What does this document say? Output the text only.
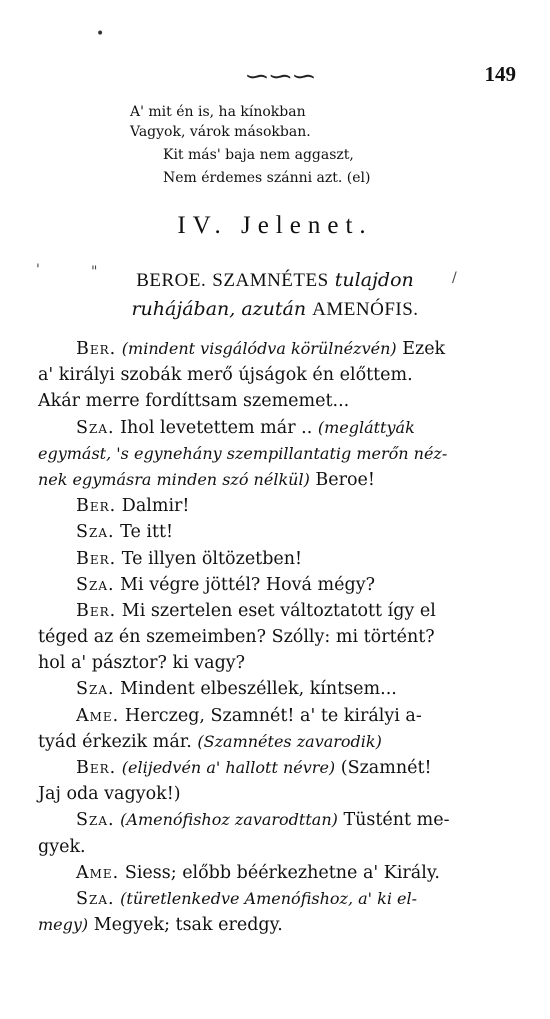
•
∽∽∽	149
A' mit én is, ha kínokban
Vagyok, várok másokban.
Kit más' baja nem aggaszt,
Nem érdemes szánni azt. (el)
IV. Jelenet.
'	"	/
BEROE. SZAMNÉTES tulajdon
ruhájában, azután AMENÓFIS.
Ber. (mindent visgálódva körülnézvén) Ezek
a' királyi szobák merő újságok én előttem.
Akár merre fordíttsam szememet...
Sza. Ihol levetettem már .. (megláttyák
egymást, 's egynehány szempillantatig merőn néz-
nek egymásra minden szó nélkül) Beroe!
Ber. Dalmir!
Sza. Te itt!
Ber. Te illyen öltözetben!
Sza. Mi végre jöttél? Hová mégy?
Ber. Mi szertelen eset változtatott így el
téged az én szemeimben? Szólly: mi történt?
hol a' pásztor? ki vagy?
Sza. Mindent elbeszéllek, kíntsem...
Ame. Herczeg, Szamnét! a' te királyi a-
tyád érkezik már. (Szamnétes zavarodik)
Ber. (elijedvén a' hallott névre) (Szamnét!
Jaj oda vagyok!)
Sza. (Amenófishoz zavarodttan) Tüstént me-
gyek.
Ame. Siess; előbb béérkezhetne a' Király.
Sza. (türetlenkedve Amenófishoz, a' ki el-
megy) Megyek; tsak eredgy.
